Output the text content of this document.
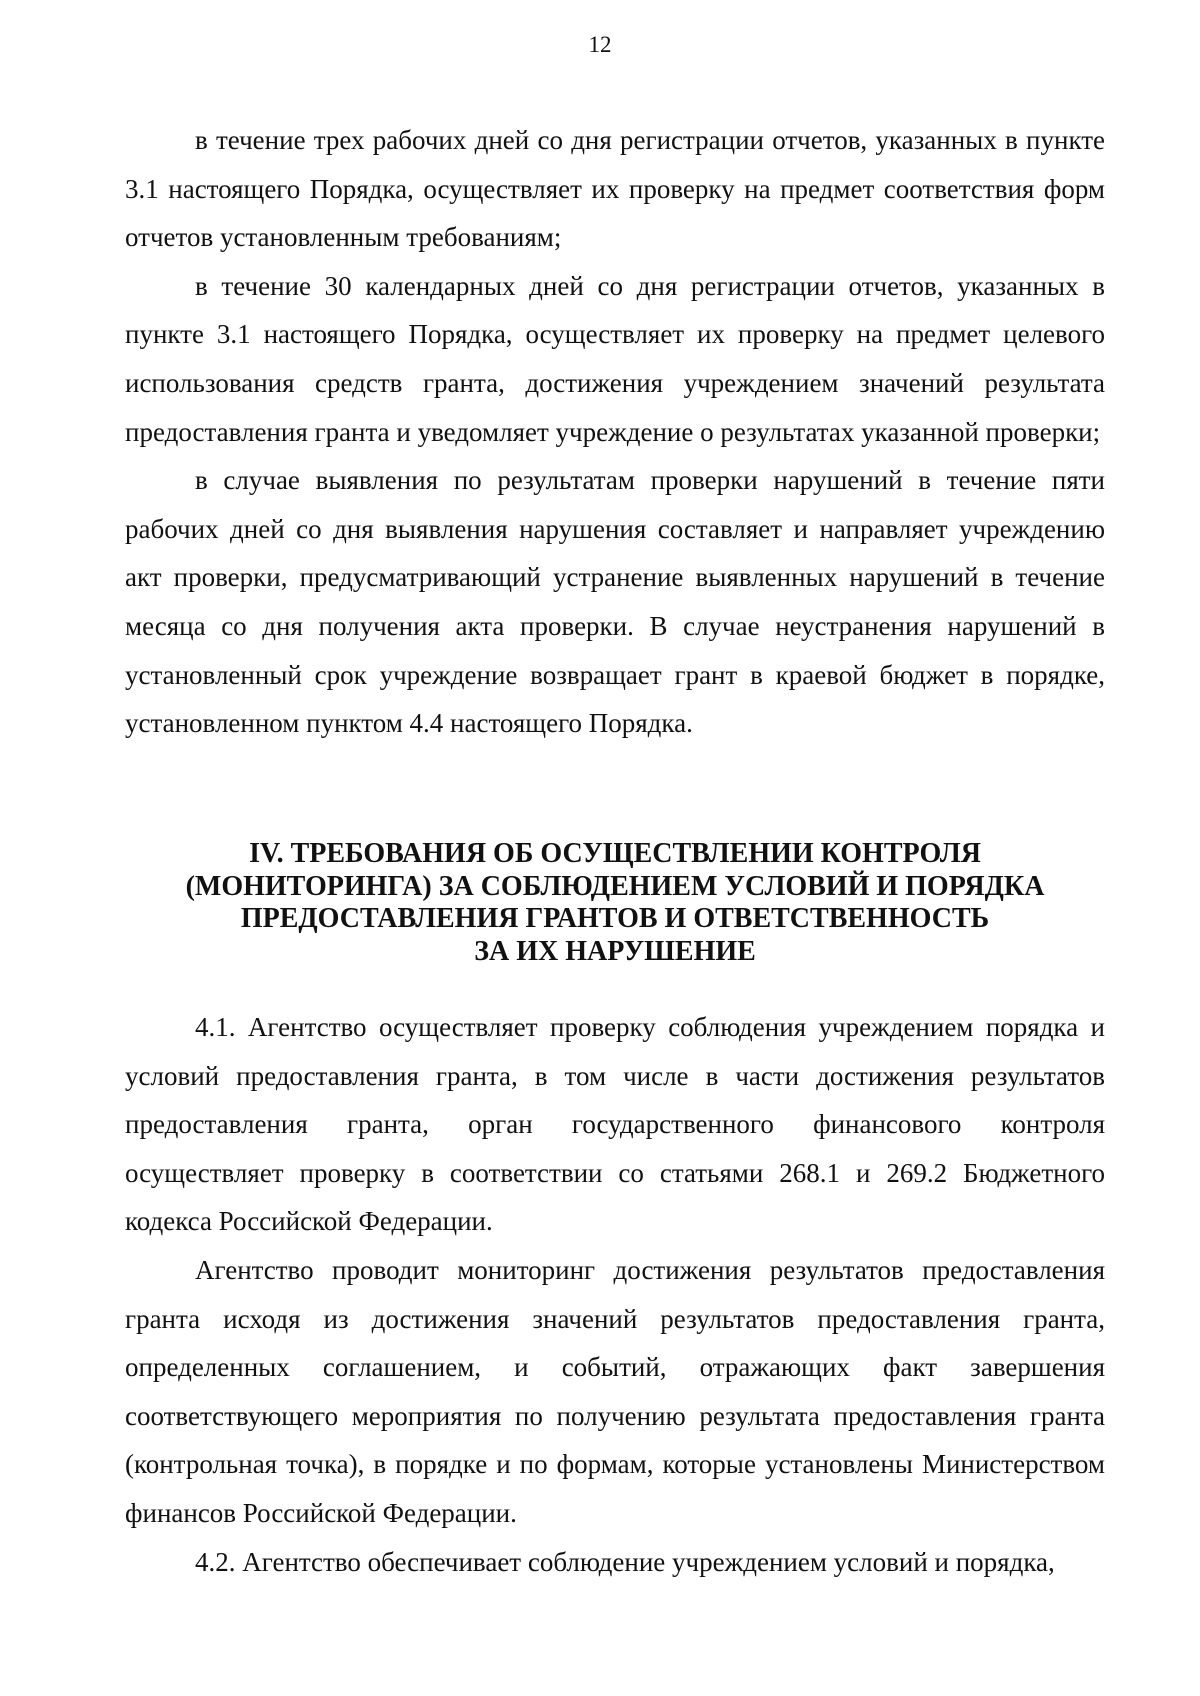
12

в течение трех рабочих дней со дня регистрации отчетов, указанных в пункте 3.1 настоящего Порядка, осуществляет их проверку на предмет соответствия форм отчетов установленным требованиям;

в течение 30 календарных дней со дня регистрации отчетов, указанных в пункте 3.1 настоящего Порядка, осуществляет их проверку на предмет целевого использования средств гранта, достижения учреждением значений результата предоставления гранта и уведомляет учреждение о результатах указанной проверки;

в случае выявления по результатам проверки нарушений в течение пяти рабочих дней со дня выявления нарушения составляет и направляет учреждению акт проверки, предусматривающий устранение выявленных нарушений в течение месяца со дня получения акта проверки. В случае неустранения нарушений в установленный срок учреждение возвращает грант в краевой бюджет в порядке, установленном пунктом 4.4 настоящего Порядка.

IV. ТРЕБОВАНИЯ ОБ ОСУЩЕСТВЛЕНИИ КОНТРОЛЯ
(МОНИТОРИНГА) ЗА СОБЛЮДЕНИЕМ УСЛОВИЙ И ПОРЯДКА
ПРЕДОСТАВЛЕНИЯ ГРАНТОВ И ОТВЕТСТВЕННОСТЬ
ЗА ИХ НАРУШЕНИЕ

4.1. Агентство осуществляет проверку соблюдения учреждением порядка и условий предоставления гранта, в том числе в части достижения результатов предоставления гранта, орган государственного финансового контроля осуществляет проверку в соответствии со статьями 268.1 и 269.2 Бюджетного кодекса Российской Федерации.

Агентство проводит мониторинг достижения результатов предоставления гранта исходя из достижения значений результатов предоставления гранта, определенных соглашением, и событий, отражающих факт завершения соответствующего мероприятия по получению результата предоставления гранта (контрольная точка), в порядке и по формам, которые установлены Министерством финансов Российской Федерации.

4.2. Агентство обеспечивает соблюдение учреждением условий и порядка,
